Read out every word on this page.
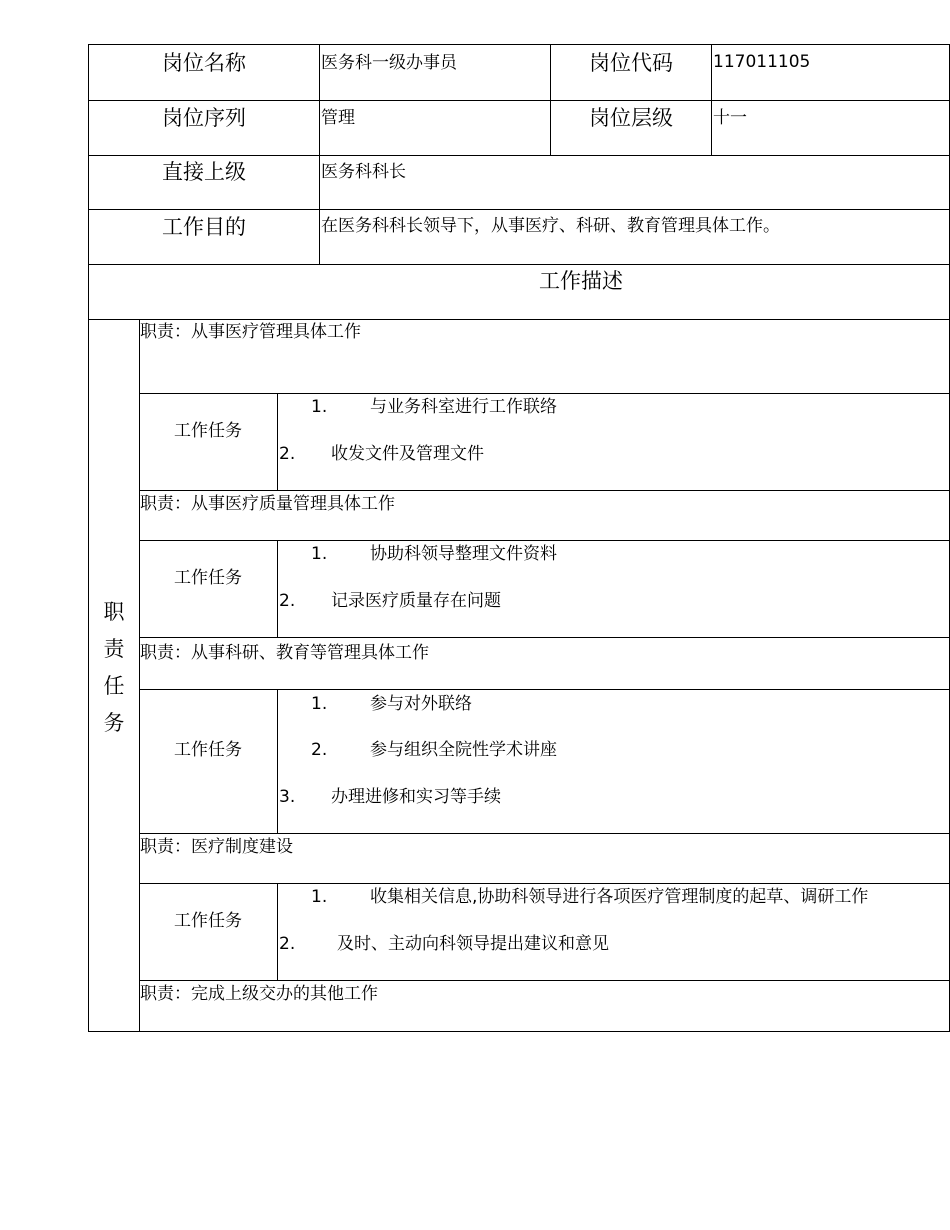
岗位名称	医务科一级办事员	岗位代码	117011105
岗位序列	管理	岗位层级	十一
直接上级	医务科科长
工作目的	在医务科科长领导下，从事医疗、科研、教育管理具体工作。
工作描述
职
责
任
务
职责：从事医疗管理具体工作
工作任务
1.	与业务科室进行工作联络
2. 收发文件及管理文件
职责：从事医疗质量管理具体工作
工作任务
1.	协助科领导整理文件资料
2. 记录医疗质量存在问题
职责：从事科研、教育等管理具体工作
工作任务
1.	参与对外联络
2.	参与组织全院性学术讲座
3. 办理进修和实习等手续
职责：医疗制度建设
工作任务
1.	收集相关信息,协助科领导进行各项医疗管理制度的起草、调研工作
2. 及时、主动向科领导提出建议和意见
职责：完成上级交办的其他工作
